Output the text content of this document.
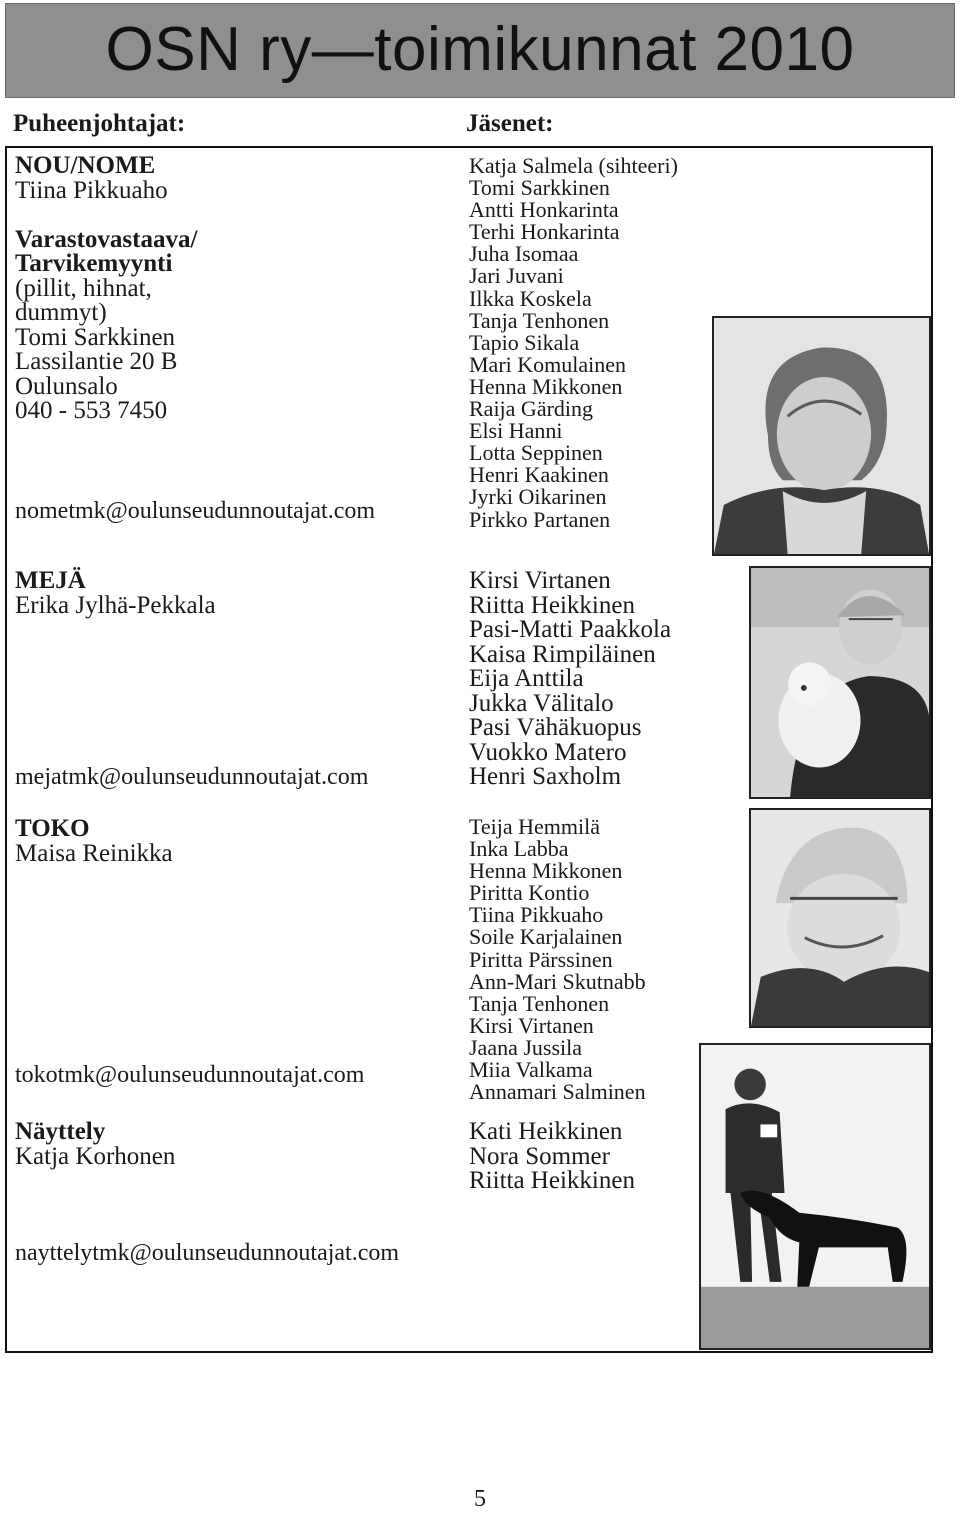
OSN ry—toimikunnat 2010
Puheenjohtajat:	Jäsenet:
NOU/NOME
Tiina Pikkuaho
Varastovastaava/
Tarvikemyynti
(pillit, hihnat,
dummyt)
Tomi Sarkkinen
Lassilantie 20 B
Oulunsalo
040 - 553 7450
nometmk@oulunseudunnoutajat.com
Katja Salmela (sihteeri)
Tomi Sarkkinen
Antti Honkarinta
Terhi Honkarinta
Juha Isomaa
Jari Juvani
Ilkka Koskela
Tanja Tenhonen
Tapio Sikala
Mari Komulainen
Henna Mikkonen
Raija Gärding
Elsi Hanni
Lotta Seppinen
Henri Kaakinen
Jyrki Oikarinen
Pirkko Partanen
MEJÄ
Erika Jylhä-Pekkala
mejatmk@oulunseudunnoutajat.com
Kirsi Virtanen
Riitta Heikkinen
Pasi-Matti Paakkola
Kaisa Rimpiläinen
Eija Anttila
Jukka Välitalo
Pasi Vähäkuopus
Vuokko Matero
Henri Saxholm
TOKO
Maisa Reinikka
tokotmk@oulunseudunnoutajat.com
Teija Hemmilä
Inka Labba
Henna Mikkonen
Piritta Kontio
Tiina Pikkuaho
Soile Karjalainen
Piritta Pärssinen
Ann-Mari Skutnabb
Tanja Tenhonen
Kirsi Virtanen
Jaana Jussila
Miia Valkama
Annamari Salminen
Näyttely
Katja Korhonen
nayttelytmk@oulunseudunnoutajat.com
Kati Heikkinen
Nora Sommer
Riitta Heikkinen
5
